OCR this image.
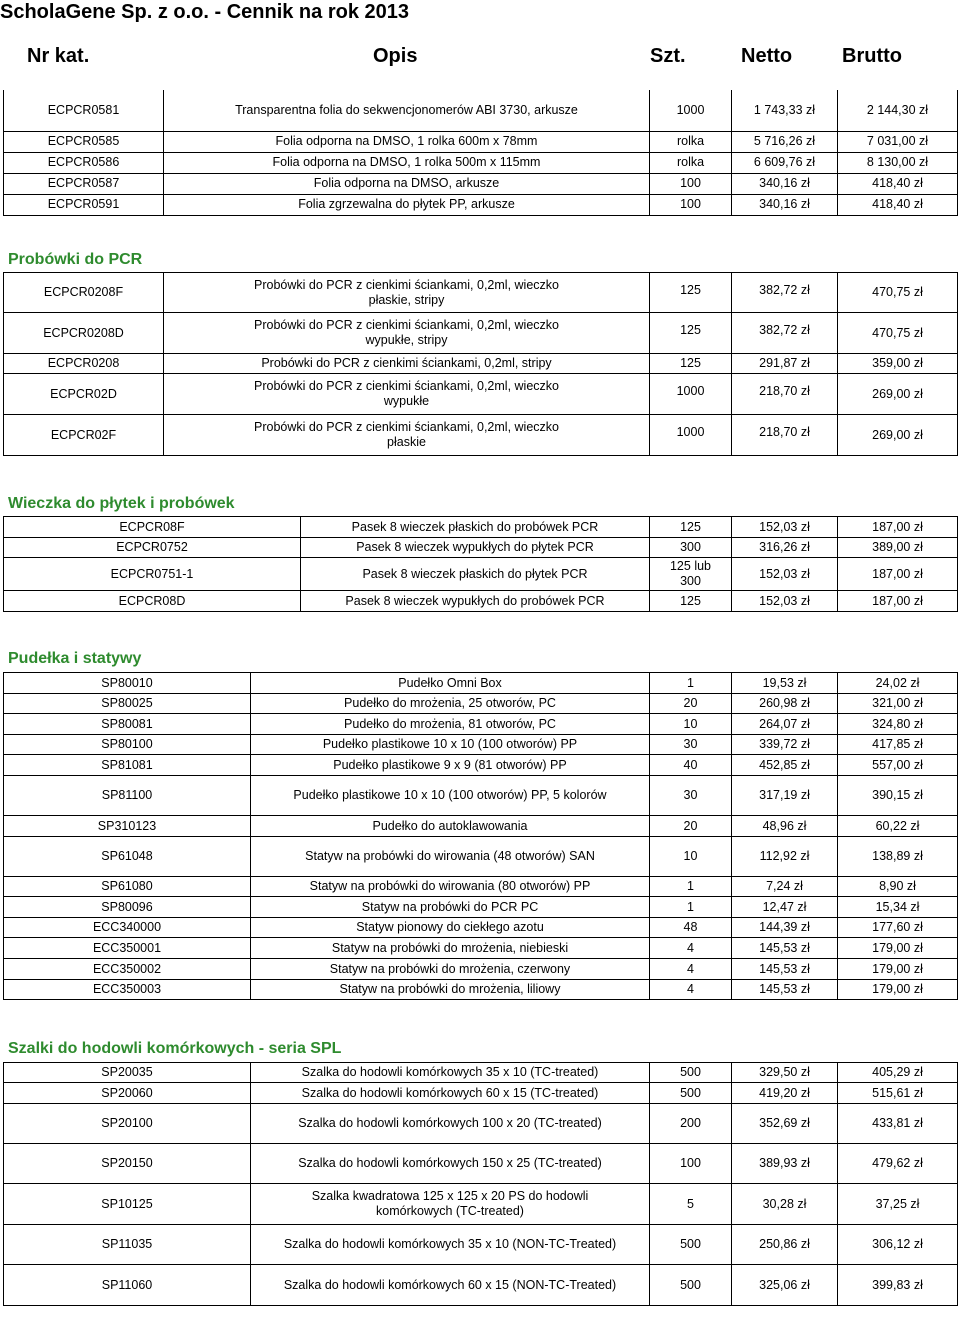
ScholaGene Sp. z o.o. - Cennik na rok 2013
Nr kat.	Opis	Szt.	Netto Brutto
ECPCR0581	Transparentna folia do sekwencjonomerów ABI 3730, arkusze	1000	1 743,33 zł	2 144,30 zł
ECPCR0585	Folia odporna na DMSO, 1 rolka 600m x 78mm	rolka	5 716,26 zł	7 031,00 zł
ECPCR0586	Folia odporna na DMSO, 1 rolka 500m x 115mm	rolka	6 609,76 zł	8 130,00 zł
ECPCR0587	Folia odporna na DMSO, arkusze	100	340,16 zł	418,40 zł
ECPCR0591	Folia zgrzewalna do płytek PP, arkusze	100	340,16 zł	418,40 zł
Probówki do PCR
ECPCR0208F	Probówki do PCR z cienkimi ściankami, 0,2ml, wieczko
płaskie, stripy	125	382,72 zł	470,75 zł
ECPCR0208D	Probówki do PCR z cienkimi ściankami, 0,2ml, wieczko
wypukłe, stripy	125	382,72 zł	470,75 zł
ECPCR0208	Probówki do PCR z cienkimi ściankami, 0,2ml, stripy	125	291,87 zł	359,00 zł
ECPCR02D	Probówki do PCR z cienkimi ściankami, 0,2ml, wieczko
wypukłe	1000	218,70 zł	269,00 zł
ECPCR02F	Probówki do PCR z cienkimi ściankami, 0,2ml, wieczko
płaskie	1000	218,70 zł	269,00 zł
Wieczka do płytek i probówek
ECPCR08F	Pasek 8 wieczek płaskich do probówek PCR	125	152,03 zł	187,00 zł
ECPCR0752	Pasek 8 wieczek wypukłych do płytek PCR	300	316,26 zł	389,00 zł
ECPCR0751-1	Pasek 8 wieczek płaskich do płytek PCR	125 lub
300	152,03 zł	187,00 zł
ECPCR08D	Pasek 8 wieczek wypukłych do probówek PCR	125	152,03 zł	187,00 zł
Pudełka i statywy
SP80010	Pudełko Omni Box	1	19,53 zł	24,02 zł
SP80025	Pudełko do mrożenia, 25 otworów, PC	20	260,98 zł	321,00 zł
SP80081	Pudełko do mrożenia, 81 otworów, PC	10	264,07 zł	324,80 zł
SP80100	Pudełko plastikowe 10 x 10 (100 otworów) PP	30	339,72 zł	417,85 zł
SP81081	Pudełko plastikowe 9 x 9 (81 otworów) PP	40	452,85 zł	557,00 zł
SP81100	Pudełko plastikowe 10 x 10 (100 otworów) PP, 5 kolorów	30	317,19 zł	390,15 zł
SP310123	Pudełko do autoklawowania	20	48,96 zł	60,22 zł
SP61048	Statyw na probówki do wirowania (48 otworów) SAN	10	112,92 zł	138,89 zł
SP61080	Statyw na probówki do wirowania (80 otworów) PP	1	7,24 zł	8,90 zł
SP80096	Statyw na probówki do PCR PC	1	12,47 zł	15,34 zł
ECC340000	Statyw pionowy do ciekłego azotu	48	144,39 zł	177,60 zł
ECC350001	Statyw na probówki do mrożenia, niebieski	4	145,53 zł	179,00 zł
ECC350002	Statyw na probówki do mrożenia, czerwony	4	145,53 zł	179,00 zł
ECC350003	Statyw na probówki do mrożenia, liliowy	4	145,53 zł	179,00 zł
Szalki do hodowli komórkowych - seria SPL
SP20035	Szalka do hodowli komórkowych 35 x 10 (TC-treated)	500	329,50 zł	405,29 zł
SP20060	Szalka do hodowli komórkowych 60 x 15 (TC-treated)	500	419,20 zł	515,61 zł
SP20100	Szalka do hodowli komórkowych 100 x 20 (TC-treated)	200	352,69 zł	433,81 zł
SP20150	Szalka do hodowli komórkowych 150 x 25 (TC-treated)	100	389,93 zł	479,62 zł
SP10125	Szalka kwadratowa 125 x 125 x 20 PS do hodowli
komórkowych (TC-treated)	5	30,28 zł	37,25 zł
SP11035	Szalka do hodowli komórkowych 35 x 10 (NON-TC-Treated)	500	250,86 zł	306,12 zł
SP11060	Szalka do hodowli komórkowych 60 x 15 (NON-TC-Treated)	500	325,06 zł	399,83 zł
